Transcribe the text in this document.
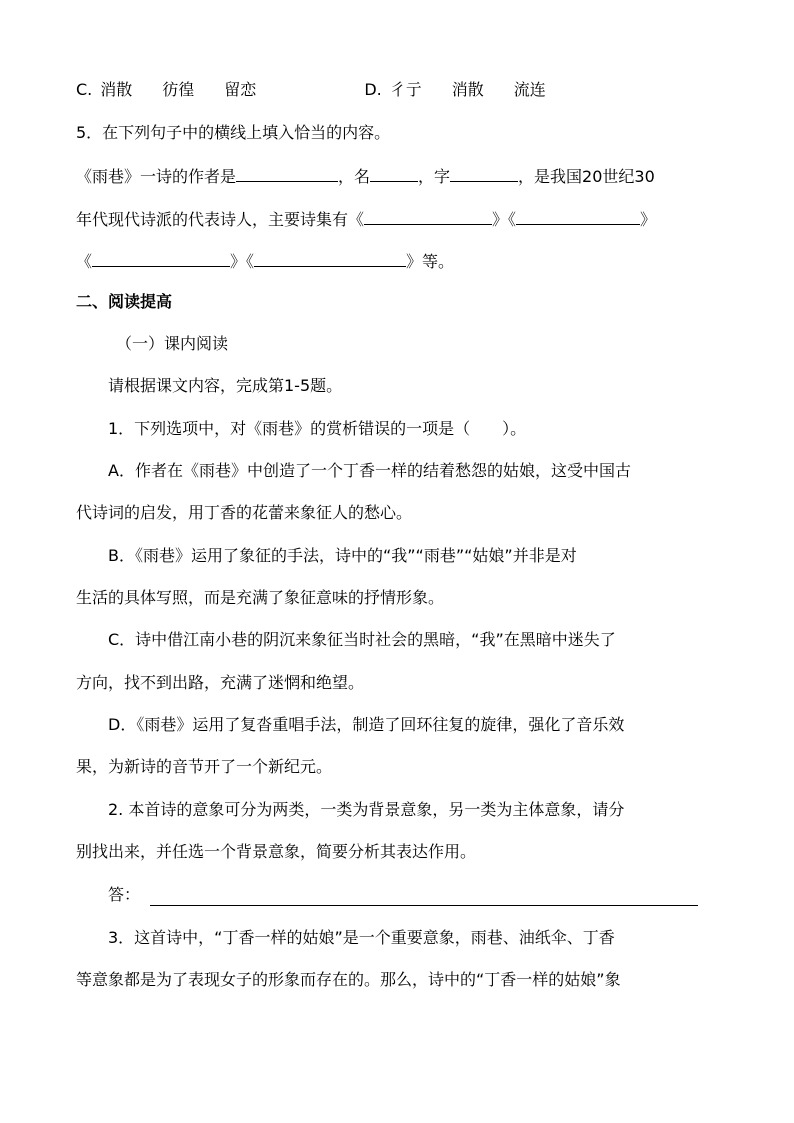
C. 消散 彷徨 留恋	D. 彳亍 消散 流连
5．在下列句子中的横线上填入恰当的内容。
《雨巷》一诗的作者是	，名	，字	，是我国20世纪30
年代现代诗派的代表诗人，主要诗集有《	》《	》
《	》《	》等。
二、阅读提高
（一）课内阅读
请根据课文内容，完成第1-5题。
1．下列选项中，对《雨巷》的赏析错误的一项是（　　）。
A．作者在《雨巷》中创造了一个丁香一样的结着愁怨的姑娘，这受中国古
代诗词的启发，用丁香的花蕾来象征人的愁心。
B．《雨巷》运用了象征的手法，诗中的“我”“雨巷”“姑娘”并非是对
生活的具体写照，而是充满了象征意味的抒情形象。
C．诗中借江南小巷的阴沉来象征当时社会的黑暗，“我”在黑暗中迷失了
方向，找不到出路，充满了迷惘和绝望。
D．《雨巷》运用了复沓重唱手法，制造了回环往复的旋律，强化了音乐效
果，为新诗的音节开了一个新纪元。
2. 本首诗的意象可分为两类，一类为背景意象，另一类为主体意象，请分
别找出来，并任选一个背景意象，简要分析其表达作用。
答：
3．这首诗中，“丁香一样的姑娘”是一个重要意象，雨巷、油纸伞、丁香
等意象都是为了表现女子的形象而存在的。那么，诗中的“丁香一样的姑娘”象
